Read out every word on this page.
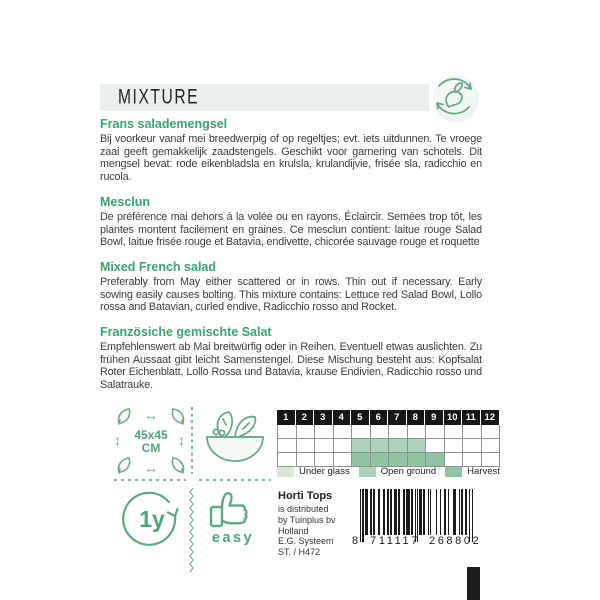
MIXTURE
Frans salademengsel

Bij voorkeur vanaf mei breedwerpig of op regeltjes; evt. iets uitdunnen. Te vroege zaai geeft gemakkelijk zaadstengels. Geschikt voor garnering van schotels. Dit mengsel bevat: rode eikenbladsla en krulsla, krulandijvie, frisée sla, radicchio en rucola.

Mesclun

De préférence mai dehors à la volée ou en rayons. Éclaircir. Semées trop tôt, les plantes montent facilement en graines. Ce mesclun contient: laitue rouge Salad Bowl, laitue frisée rouge et Batavia, endivette, chicorée sauvage rouge et roquette

Mixed French salad

Preferably from May either scattered or in rows. Thin out if necessary. Early sowing easily causes bolting. This mixture contains: Lettuce red Salad Bowl, Lollo rossa and Batavian, curled endive, Radicchio rosso and Rocket.

Französiche gemischte Salat

Empfehlenswert ab Mai breitwürfig oder in Reihen. Eventuell etwas auslichten. Zu frühen Aussaat gibt leicht Samenstengel. Diese Mischung besteht aus: Kopfsalat Roter Eichenblatt, Lollo Rossa und Batavia, krause Endivien, Radicchio rosso und Salatrauke.

↔
↔
↕	↕
45x45
CM
1	2	3	4	5	6	7	8	9	10 11 12
Under glass	Open ground	Harvest
1y
easy
Horti Tops
is distributed
by Tuinplus bv
Holland
E.G. Systeem
ST. / H472
8 711117 268802
